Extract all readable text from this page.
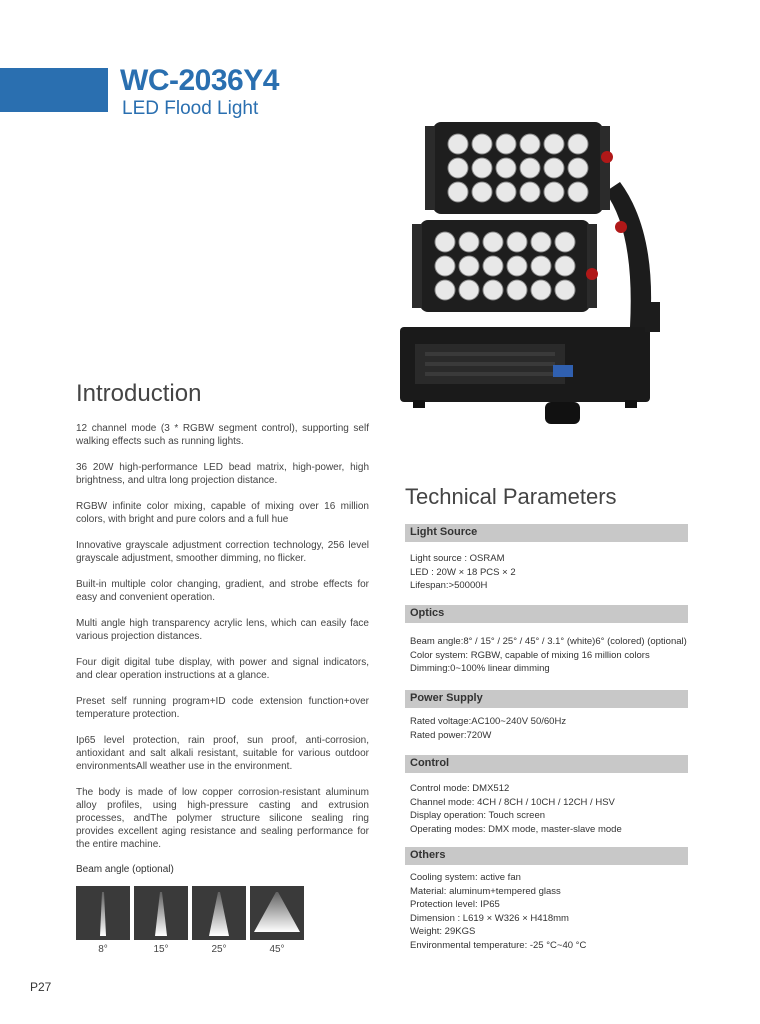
WC-2036Y4
LED Flood Light
Introduction
12 channel mode (3 * RGBW segment control), supporting self walking effects such as running lights.
36 20W high-performance LED bead matrix, high-power, high brightness, and ultra long projection distance.
RGBW infinite color mixing, capable of mixing over 16 million colors, with bright and pure colors and a full hue
Innovative grayscale adjustment correction technology, 256 level grayscale adjustment, smoother dimming, no flicker.
Built-in multiple color changing, gradient, and strobe effects for easy and convenient operation.
Multi angle high transparency acrylic lens, which can easily face various projection distances.
Four digit digital tube display, with power and signal indicators, and clear operation instructions at a glance.
Preset self running program+ID code extension function+over temperature protection.
Ip65 level protection, rain proof, sun proof, anti-corrosion, antioxidant and salt alkali resistant, suitable for various outdoor environmentsAll weather use in the environment.
The body is made of low copper corrosion-resistant aluminum alloy profiles, using high-pressure casting and extrusion processes, andThe polymer structure silicone sealing ring provides excellent aging resistance and sealing performance for the entire machine.
Beam angle (optional)
8°	15°	25°	45°
P27
Technical Parameters
Light Source
Light source : OSRAM
LED : 20W × 18 PCS × 2
Lifespan:>50000H
Optics
Beam angle:8° / 15° / 25° / 45° / 3.1° (white)6° (colored) (optional)
Color system: RGBW, capable of mixing 16 million colors
Dimming:0~100% linear dimming
Power Supply
Rated voltage:AC100~240V 50/60Hz
Rated power:720W
Control
Control mode: DMX512
Channel mode: 4CH / 8CH / 10CH / 12CH / HSV
Display operation: Touch screen
Operating modes: DMX mode, master-slave mode
Others
Cooling system: active fan
Material: aluminum+tempered glass
Protection level: IP65
Dimension : L619 × W326 × H418mm
Weight: 29KGS
Environmental temperature: -25 °C~40 °C
